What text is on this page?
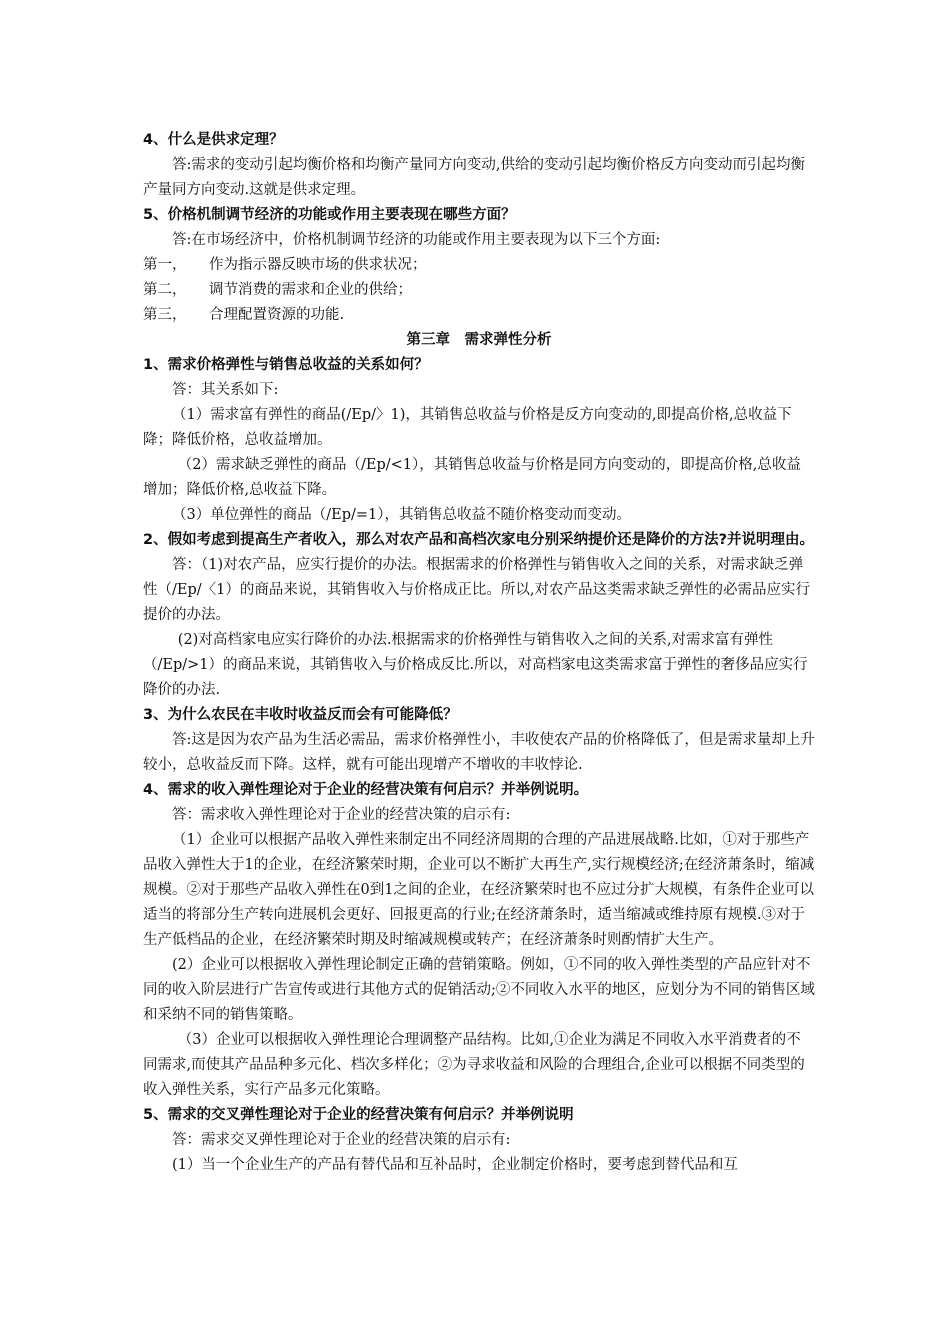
4、什么是供求定理？

答:需求的变动引起均衡价格和均衡产量同方向变动,供给的变动引起均衡价格反方向变动而引起均衡产量同方向变动.这就是供求定理。

5、价格机制调节经济的功能或作用主要表现在哪些方面？

答:在市场经济中，价格机制调节经济的功能或作用主要表现为以下三个方面:

第一，	作为指示器反映市场的供求状况；
第二，	调节消费的需求和企业的供给；
第三，	合理配置资源的功能.

第三章　需求弹性分析

1、需求价格弹性与销售总收益的关系如何？

答：其关系如下:

（1）需求富有弹性的商品(/Ep/〉1)，其销售总收益与价格是反方向变动的,即提高价格,总收益下降；降低价格，总收益增加。

（2）需求缺乏弹性的商品（/Ep/<1），其销售总收益与价格是同方向变动的，即提高价格,总收益增加；降低价格,总收益下降。

（3）单位弹性的商品（/Ep/=1），其销售总收益不随价格变动而变动。

2、假如考虑到提高生产者收入，那么对农产品和高档次家电分别采纳提价还是降价的方法?并说明理由。

答：（1)对农产品，应实行提价的办法。根据需求的价格弹性与销售收入之间的关系，对需求缺乏弹性（/Ep/〈1）的商品来说，其销售收入与价格成正比。所以,对农产品这类需求缺乏弹性的必需品应实行提价的办法。

(2)对高档家电应实行降价的办法.根据需求的价格弹性与销售收入之间的关系,对需求富有弹性（/Ep/>1）的商品来说，其销售收入与价格成反比.所以，对高档家电这类需求富于弹性的奢侈品应实行降价的办法.

3、为什么农民在丰收时收益反而会有可能降低？

答:这是因为农产品为生活必需品，需求价格弹性小，丰收使农产品的价格降低了，但是需求量却上升较小，总收益反而下降。这样，就有可能出现增产不增收的丰收悖论.

4、需求的收入弹性理论对于企业的经营决策有何启示？并举例说明。

答：需求收入弹性理论对于企业的经营决策的启示有:

（1）企业可以根据产品收入弹性来制定出不同经济周期的合理的产品进展战略.比如，①对于那些产品收入弹性大于1的企业，在经济繁荣时期，企业可以不断扩大再生产,实行规模经济;在经济萧条时，缩减规模。②对于那些产品收入弹性在0到1之间的企业，在经济繁荣时也不应过分扩大规模，有条件企业可以适当的将部分生产转向进展机会更好、回报更高的行业;在经济萧条时，适当缩减或维持原有规模.③对于生产低档品的企业，在经济繁荣时期及时缩减规模或转产；在经济萧条时则酌情扩大生产。

(2）企业可以根据收入弹性理论制定正确的营销策略。例如，①不同的收入弹性类型的产品应针对不同的收入阶层进行广告宣传或进行其他方式的促销活动;②不同收入水平的地区，应划分为不同的销售区域和采纳不同的销售策略。

（3）企业可以根据收入弹性理论合理调整产品结构。比如,①企业为满足不同收入水平消费者的不同需求,而使其产品品种多元化、档次多样化；②为寻求收益和风险的合理组合,企业可以根据不同类型的收入弹性关系，实行产品多元化策略。

5、需求的交叉弹性理论对于企业的经营决策有何启示？并举例说明

答：需求交叉弹性理论对于企业的经营决策的启示有:

(1）当一个企业生产的产品有替代品和互补品时，企业制定价格时，要考虑到替代品和互
